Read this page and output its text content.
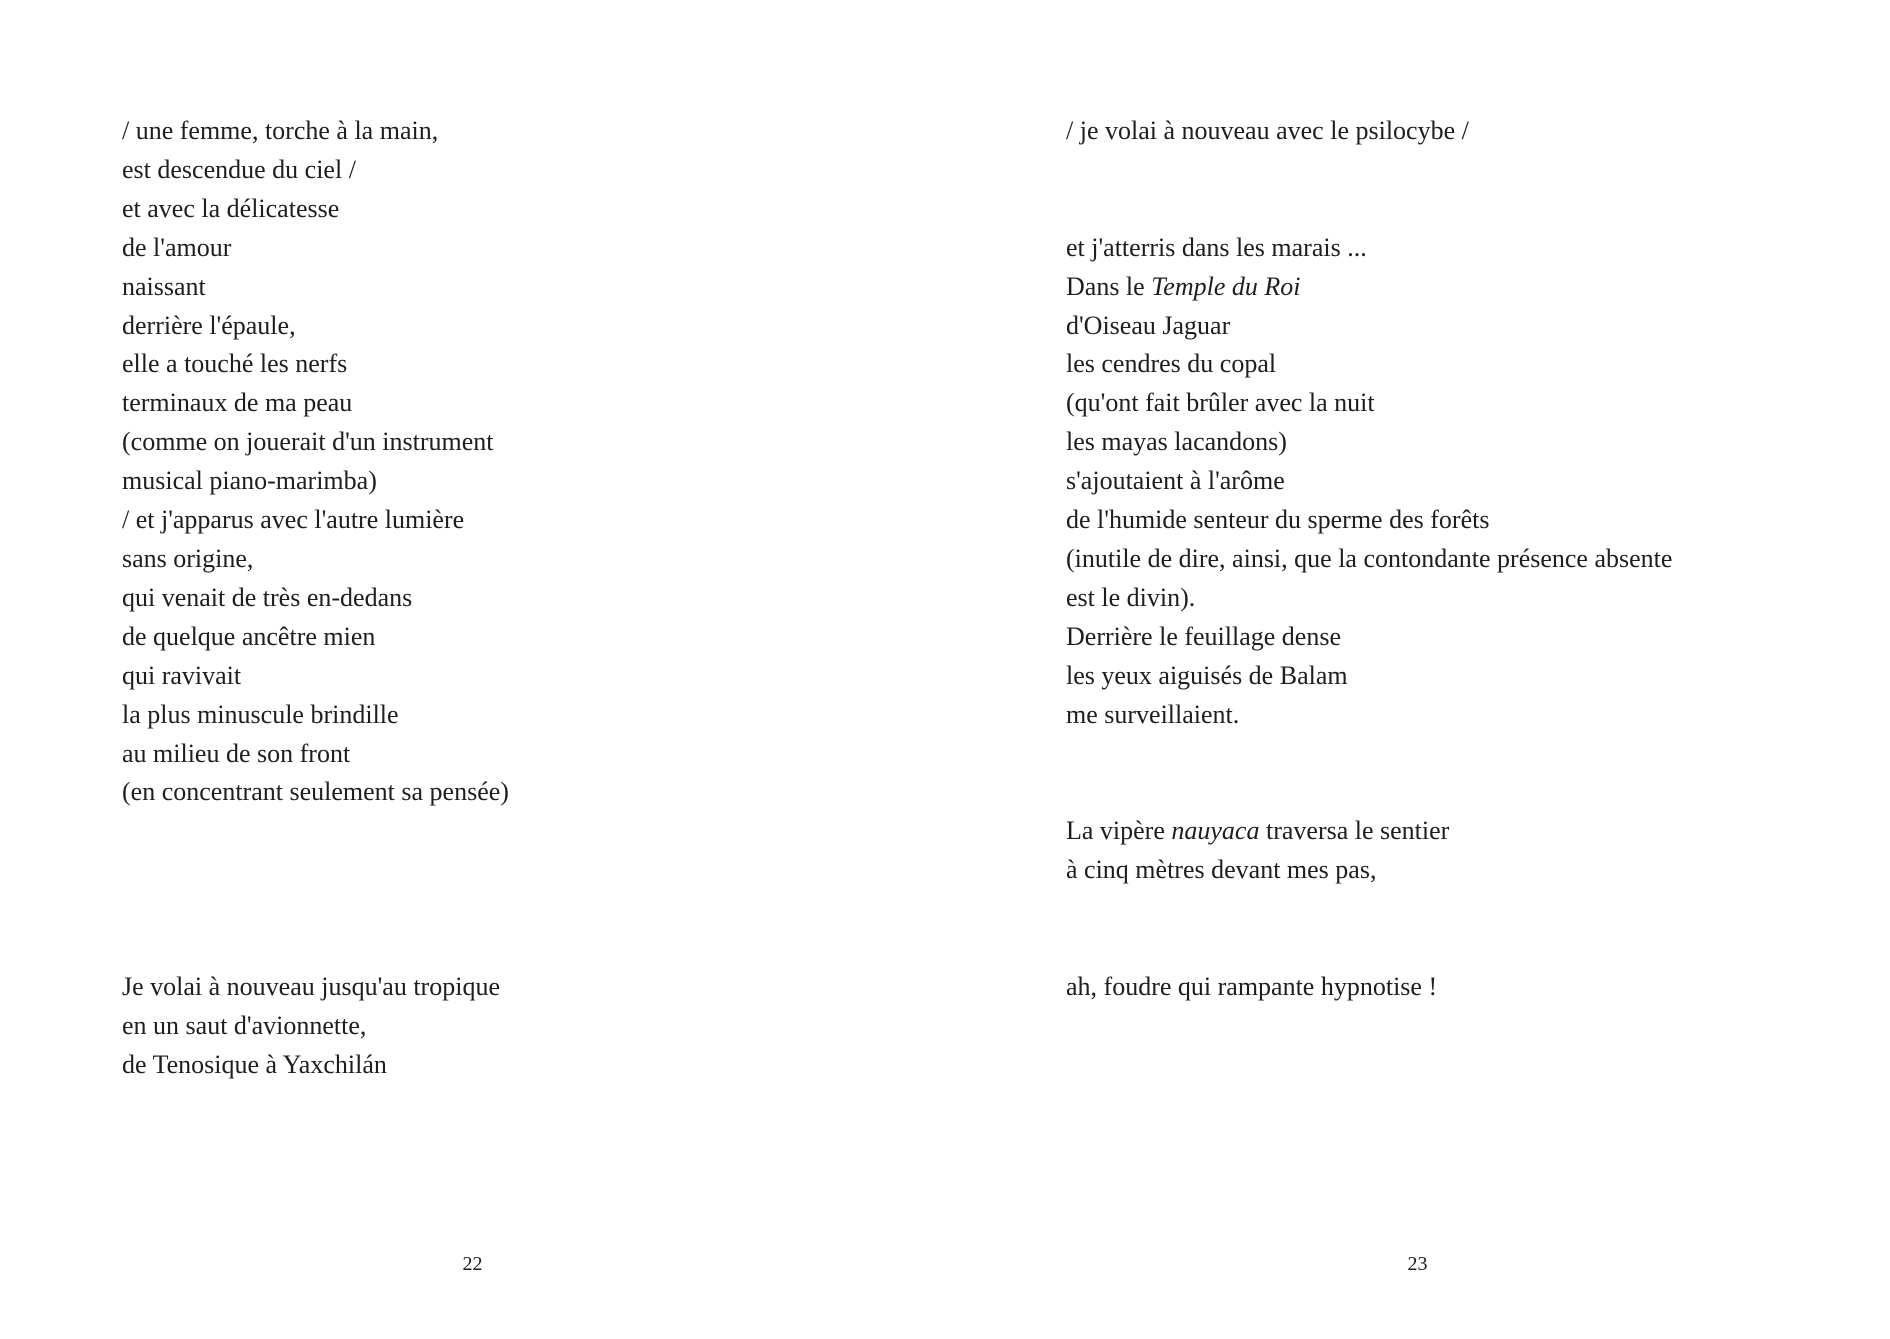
/ une femme, torche à la main,
est descendue du ciel /
et avec la délicatesse
de l'amour
naissant
derrière l'épaule,
elle a touché les nerfs
terminaux de ma peau
(comme on jouerait d'un instrument
musical piano-marimba)
/ et j'apparus avec l'autre lumière
sans origine,
qui venait de très en-dedans
de quelque ancêtre mien
qui ravivait
la plus minuscule brindille
au milieu de son front
(en concentrant seulement sa pensée)

Je volai à nouveau jusqu'au tropique
en un saut d'avionnette,
de Tenosique à Yaxchilán
22
/ je volai à nouveau avec le psilocybe /

et j'atterris dans les marais ...
Dans le Temple du Roi
d'Oiseau Jaguar
les cendres du copal
(qu'ont fait brûler avec la nuit
les mayas lacandons)
s'ajoutaient à l'arôme
de l'humide senteur du sperme des forêts
(inutile de dire, ainsi, que la contondante présence absente
est le divin).
Derrière le feuillage dense
les yeux aiguisés de Balam
me surveillaient.

La vipère nauyaca traversa le sentier
à cinq mètres devant mes pas,

ah, foudre qui rampante hypnotise !
23
